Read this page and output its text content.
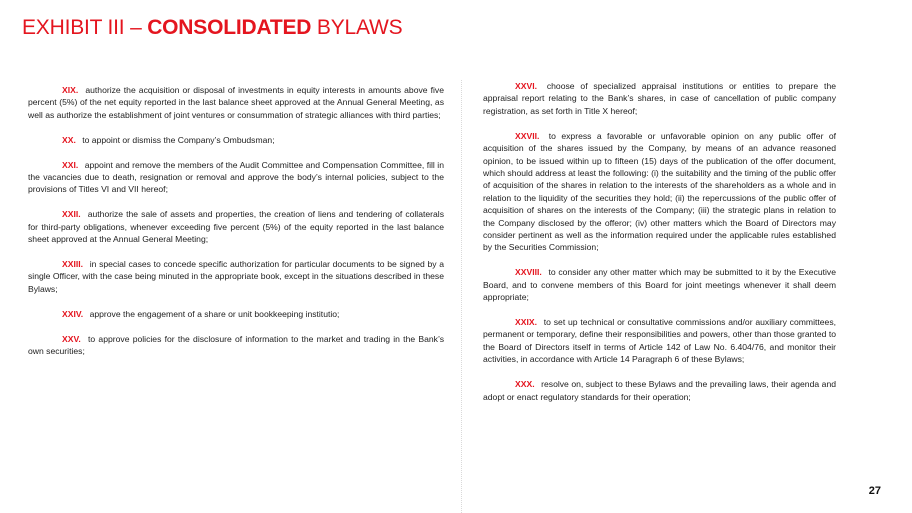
EXHIBIT III – CONSOLIDATED BYLAWS

XIX. authorize the acquisition or disposal of investments in equity interests in amounts above five percent (5%) of the net equity reported in the last balance sheet approved at the Annual General Meeting, as well as authorize the establishment of joint ventures or consummation of strategic alliances with third parties;

XX. to appoint or dismiss the Company’s Ombudsman;

XXI. appoint and remove the members of the Audit Committee and Compensation Committee, fill in the vacancies due to death, resignation or removal and approve the body’s internal policies, subject to the provisions of Titles VI and VII hereof;

XXII. authorize the sale of assets and properties, the creation of liens and tendering of collaterals for third-party obligations, whenever exceeding five percent (5%) of the equity reported in the last balance sheet approved at the Annual General Meeting;

XXIII. in special cases to concede specific authorization for particular documents to be signed by a single Officer, with the case being minuted in the appropriate book, except in the situations described in these Bylaws;

XXIV. approve the engagement of a share or unit bookkeeping institutio;

XXV. to approve policies for the disclosure of information to the market and trading in the Bank’s own securities;

XXVI. choose of specialized appraisal institutions or entities to prepare the appraisal report relating to the Bank’s shares, in case of cancellation of public company registration, as set forth in Title X hereof;

XXVII. to express a favorable or unfavorable opinion on any public offer of acquisition of the shares issued by the Company, by means of an advance reasoned opinion, to be issued within up to fifteen (15) days of the publication of the offer document, which should address at least the following: (i) the suitability and the timing of the public offer of acquisition of the shares in relation to the interests of the shareholders as a whole and in relation to the liquidity of the securities they hold; (ii) the repercussions of the public offer of acquisition of shares on the interests of the Company; (iii) the strategic plans in relation to the Company disclosed by the offeror; (iv) other matters which the Board of Directors may consider pertinent as well as the information required under the applicable rules established by the Securities Commission;

XXVIII. to consider any other matter which may be submitted to it by the Executive Board, and to convene members of this Board for joint meetings whenever it shall deem appropriate;

XXIX. to set up technical or consultative commissions and/or auxiliary committees, permanent or temporary, define their responsibilities and powers, other than those granted to the Board of Directors itself in terms of Article 142 of Law No. 6.404/76, and monitor their activities, in accordance with Article 14 Paragraph 6 of these Bylaws;

XXX. resolve on, subject to these Bylaws and the prevailing laws, their agenda and adopt or enact regulatory standards for their operation;

27
